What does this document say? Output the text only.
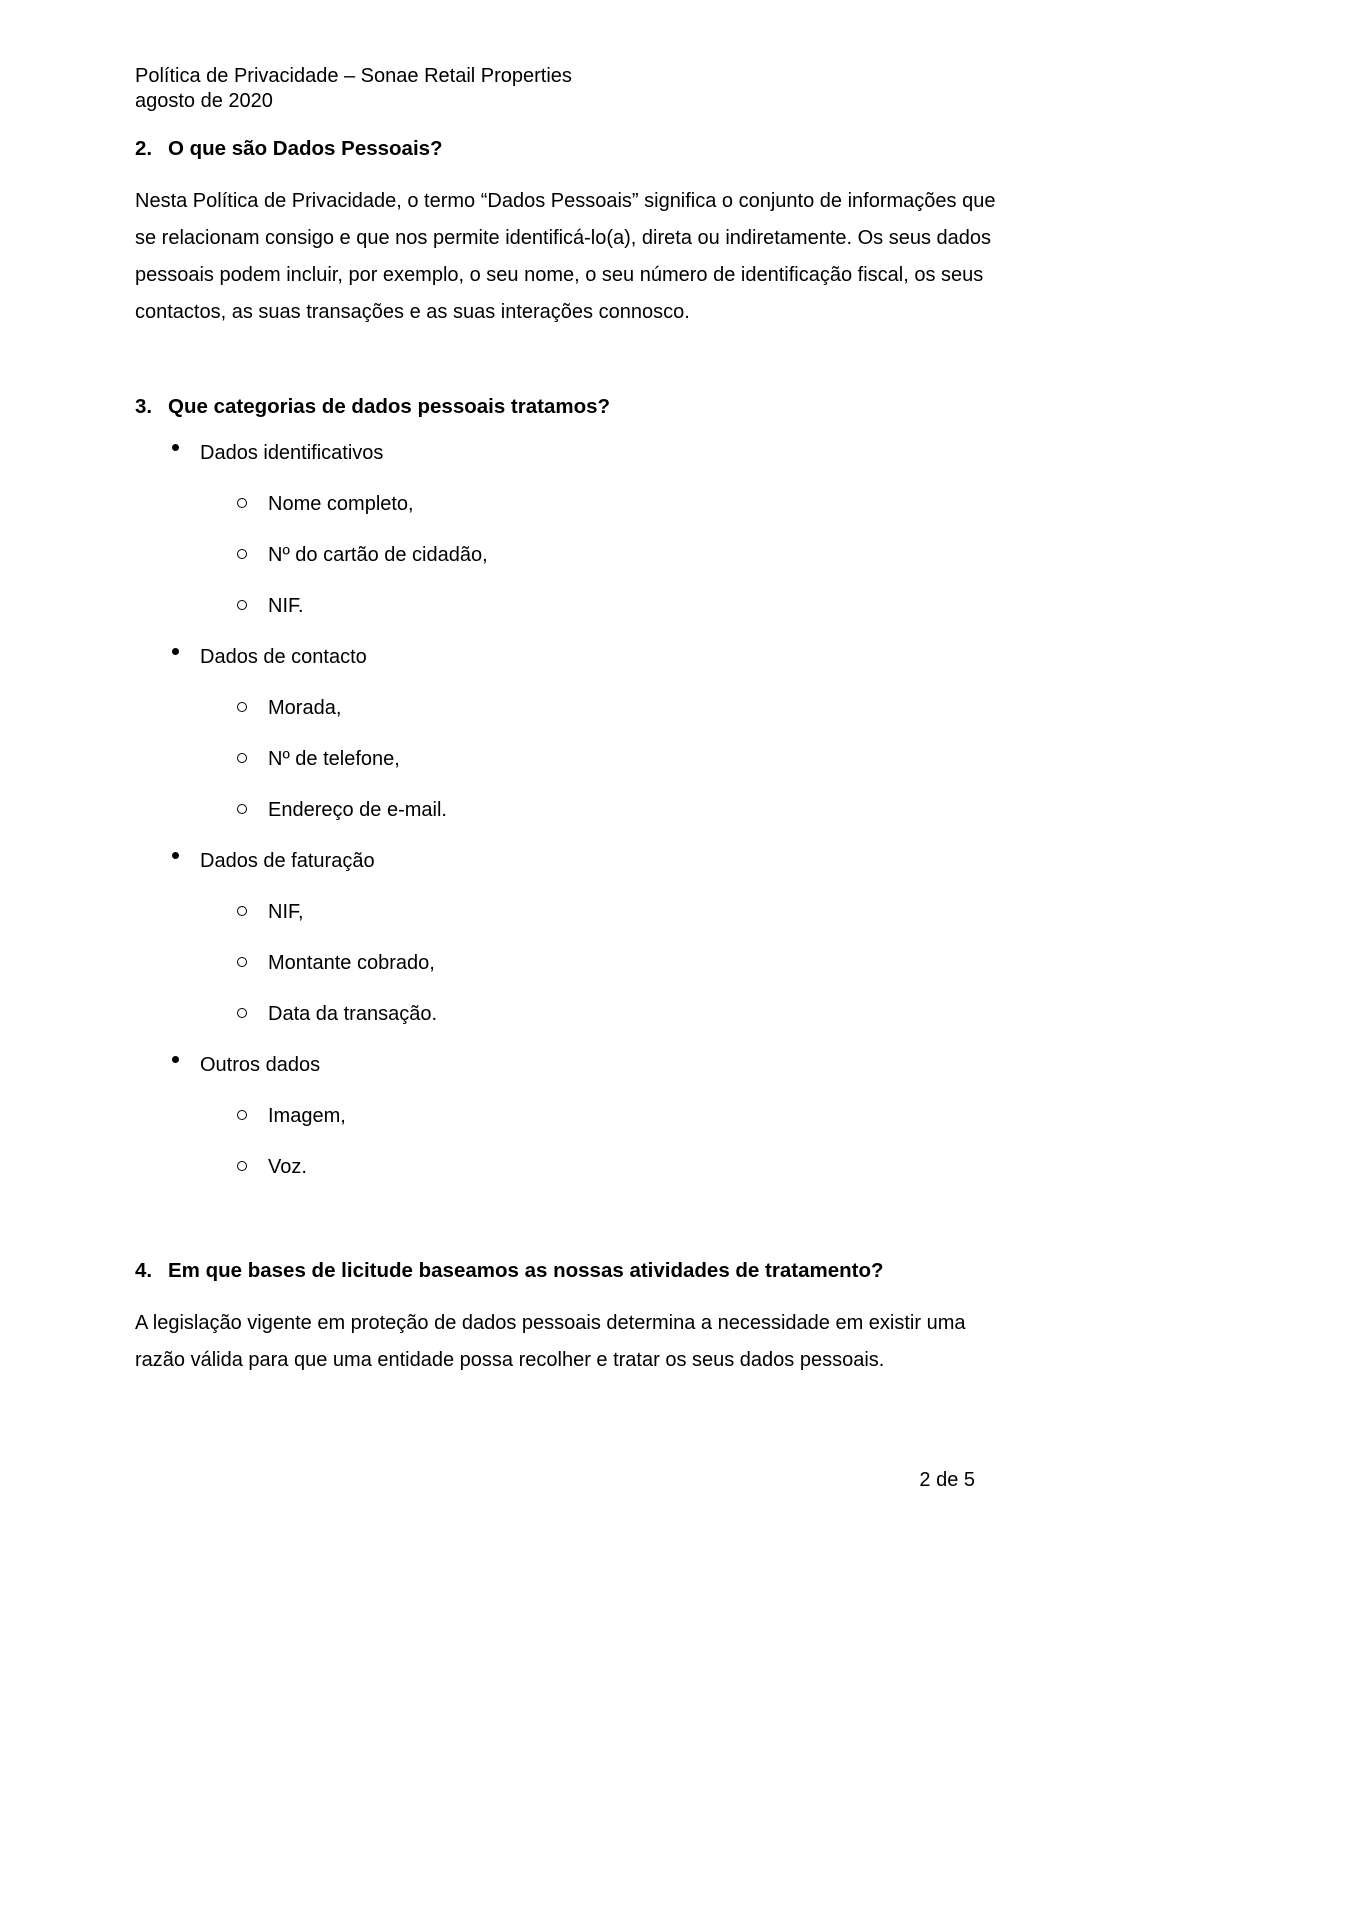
Política de Privacidade – Sonae Retail Properties
agosto de 2020
2. O que são Dados Pessoais?

Nesta Política de Privacidade, o termo “Dados Pessoais” significa o conjunto de informações que se relacionam consigo e que nos permite identificá-lo(a), direta ou indiretamente. Os seus dados pessoais podem incluir, por exemplo, o seu nome, o seu número de identificação fiscal, os seus contactos, as suas transações e as suas interações connosco.

3. Que categorias de dados pessoais tratamos?
Dados identificativos
Nome completo,
Nº do cartão de cidadão,
NIF.
Dados de contacto
Morada,
Nº de telefone,
Endereço de e-mail.
Dados de faturação
NIF,
Montante cobrado,
Data da transação.
Outros dados
Imagem,
Voz.
4. Em que bases de licitude baseamos as nossas atividades de tratamento?

A legislação vigente em proteção de dados pessoais determina a necessidade em existir uma razão válida para que uma entidade possa recolher e tratar os seus dados pessoais.

2 de 5
